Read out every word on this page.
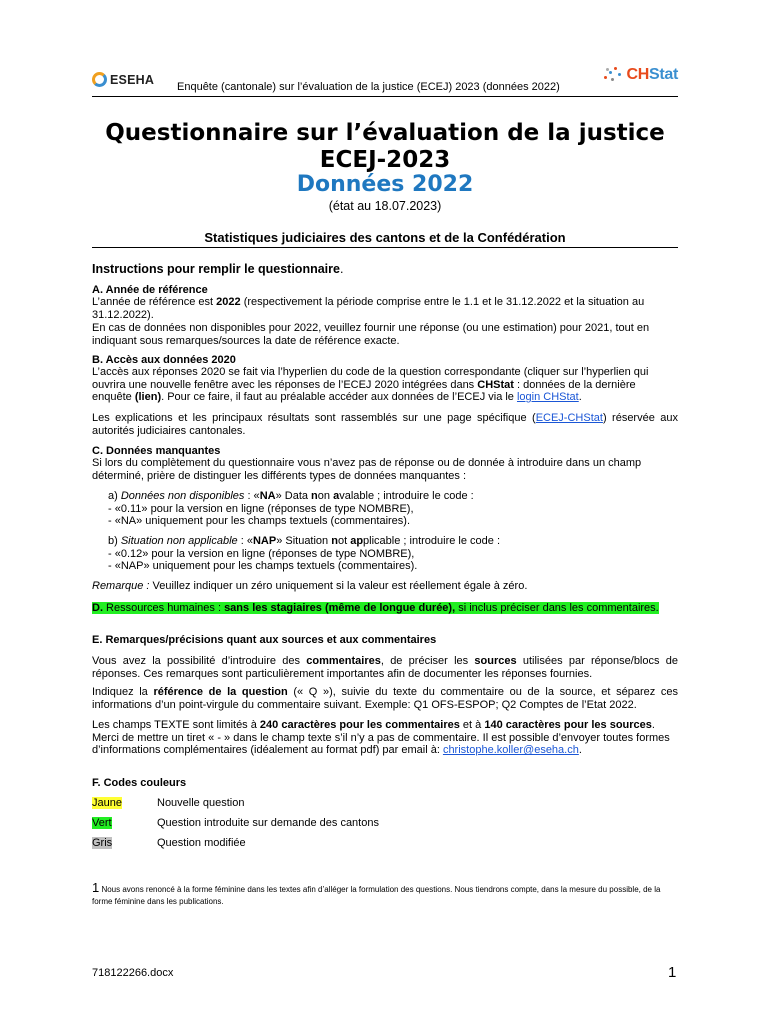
ESEHA
Enquête (cantonale) sur l’évaluation de la justice (ECEJ) 2023 (données 2022)
CHStat
Questionnaire sur l’évaluation de la justice
ECEJ-2023
Données 2022
(état au 18.07.2023)
Statistiques judiciaires des cantons et de la Confédération
Instructions pour remplir le questionnaire.
A. Année de référence
L’année de référence est 2022 (respectivement la période comprise entre le 1.1 et le 31.12.2022 et la situation au 31.12.2022).
En cas de données non disponibles pour 2022, veuillez fournir une réponse (ou une estimation) pour 2021, tout en indiquant sous remarques/sources la date de référence exacte.
B. Accès aux données 2020
L’accès aux réponses 2020 se fait via l’hyperlien du code de la question correspondante (cliquer sur l’hyperlien qui ouvrira une nouvelle fenêtre avec les réponses de l’ECEJ 2020 intégrées dans CHStat : données de la dernière enquête (lien). Pour ce faire, il faut au préalable accéder aux données de l’ECEJ via le login CHStat.
Les explications et les principaux résultats sont rassemblés sur une page spécifique (ECEJ-CHStat) réservée aux autorités judiciaires cantonales.
C. Données manquantes
Si lors du complètement du questionnaire vous n’avez pas de réponse ou de donnée à introduire dans un champ déterminé, prière de distinguer les différents types de données manquantes :
a) Données non disponibles : «NA» Data non avalable ; introduire le code :
- «0.11» pour la version en ligne (réponses de type NOMBRE),
- «NA» uniquement pour les champs textuels (commentaires).
b) Situation non applicable : «NAP» Situation not applicable ; introduire le code :
- «0.12» pour la version en ligne (réponses de type NOMBRE),
- «NAP» uniquement pour les champs textuels (commentaires).
Remarque : Veuillez indiquer un zéro uniquement si la valeur est réellement égale à zéro.
D. Ressources humaines : sans les stagiaires (même de longue durée), si inclus préciser dans les commentaires.
E. Remarques/précisions quant aux sources et aux commentaires
Vous avez la possibilité d’introduire des commentaires, de préciser les sources utilisées par réponse/blocs de réponses. Ces remarques sont particulièrement importantes afin de documenter les réponses fournies.
Indiquez la référence de la question (« Q »), suivie du texte du commentaire ou de la source, et séparez ces informations d’un point-virgule du commentaire suivant. Exemple: Q1 OFS-ESPOP; Q2 Comptes de l’Etat 2022.
Les champs TEXTE sont limités à 240 caractères pour les commentaires et à 140 caractères pour les sources. Merci de mettre un tiret « - » dans le champ texte s’il n’y a pas de commentaire. Il est possible d’envoyer toutes formes d’informations complémentaires (idéalement au format pdf) par email à: christophe.koller@eseha.ch.
F. Codes couleurs
Jaune	Nouvelle question
Vert	Question introduite sur demande des cantons
Gris	Question modifiée
1 Nous avons renoncé à la forme féminine dans les textes afin d’alléger la formulation des questions. Nous tiendrons compte, dans la mesure du possible, de la forme féminine dans les publications.
718122266.docx	1
